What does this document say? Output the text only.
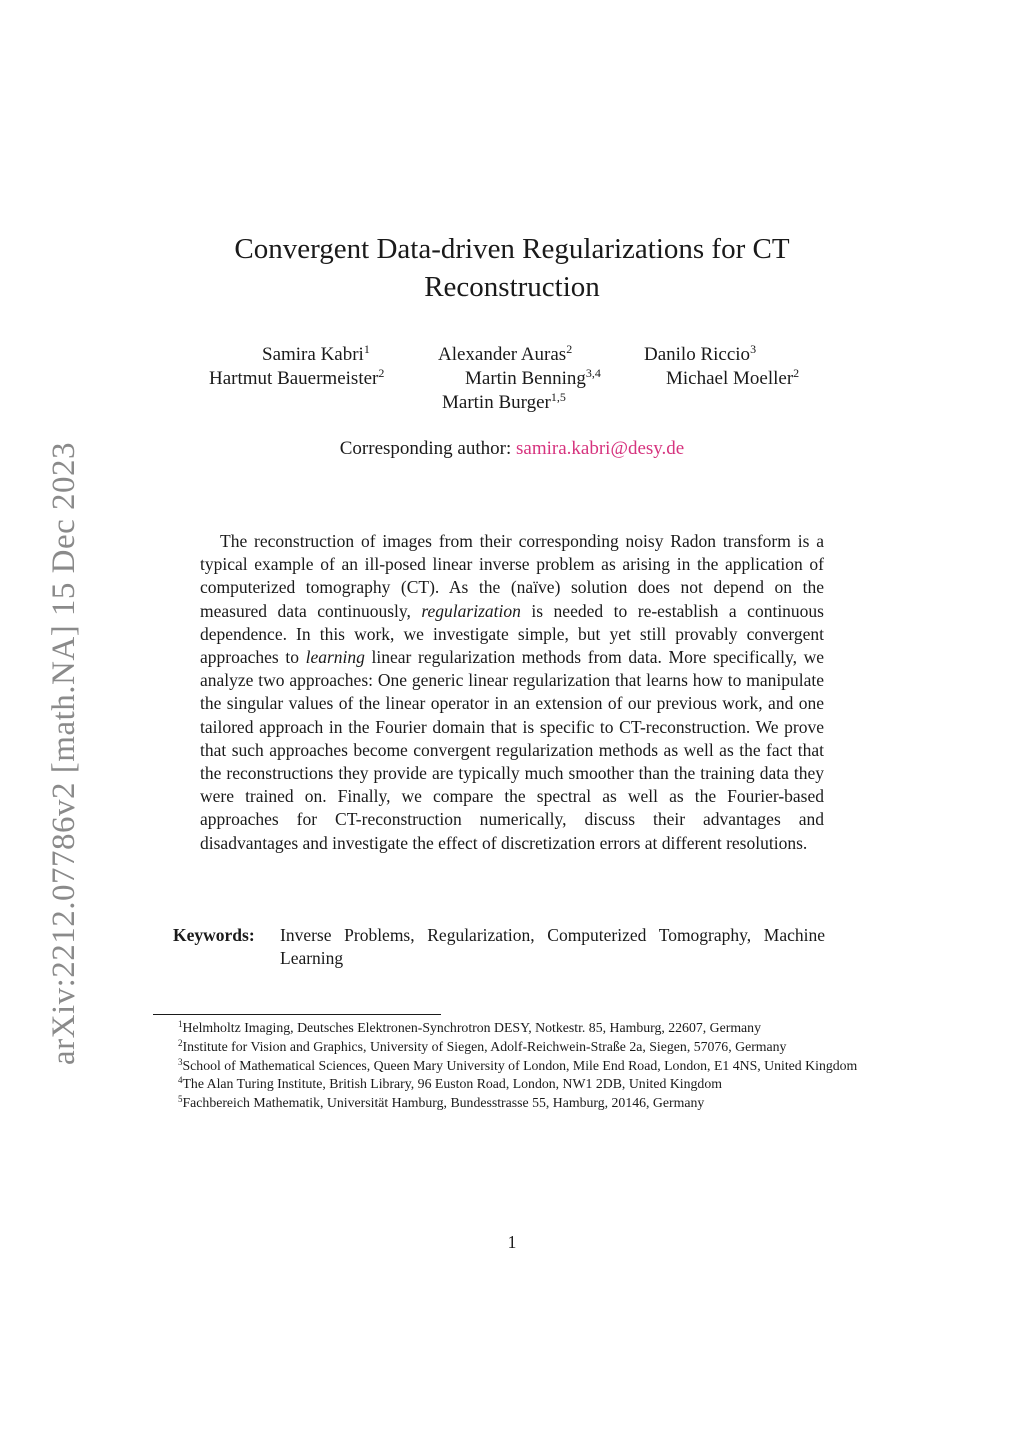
arXiv:2212.07786v2 [math.NA] 15 Dec 2023
Convergent Data-driven Regularizations for CT Reconstruction
Samira Kabri$^1$	Alexander Auras$^2$	Danilo Riccio$^3$
Hartmut Bauermeister$^2$	Martin Benning$^{3,4}$	Michael Moeller$^2$
Martin Burger$^{1,5}$
Corresponding author: samira.kabri@desy.de

The reconstruction of images from their corresponding noisy Radon transform is a typical example of an ill-posed linear inverse problem as arising in the application of computerized tomography (CT). As the (naïve) solution does not depend on the measured data continuously, regularization is needed to re-establish a continuous dependence. In this work, we investigate simple, but yet still provably convergent approaches to learning linear regularization methods from data. More specifically, we analyze two approaches: One generic linear regularization that learns how to manipulate the singular values of the linear operator in an extension of our previous work, and one tailored approach in the Fourier domain that is specific to CT-reconstruction. We prove that such approaches become convergent regularization methods as well as the fact that the reconstructions they provide are typically much smoother than the training data they were trained on. Finally, we compare the spectral as well as the Fourier-based approaches for CT-reconstruction numerically, discuss their advantages and disadvantages and investigate the effect of discretization errors at different resolutions.

Keywords: Inverse Problems, Regularization, Computerized Tomography, Machine Learning

$^1$Helmholtz Imaging, Deutsches Elektronen-Synchrotron DESY, Notkestr. 85, Hamburg, 22607, Germany

$^2$Institute for Vision and Graphics, University of Siegen, Adolf-Reichwein-Straße 2a, Siegen, 57076, Germany

$^3$School of Mathematical Sciences, Queen Mary University of London, Mile End Road, London, E1 4NS, United Kingdom

$^4$The Alan Turing Institute, British Library, 96 Euston Road, London, NW1 2DB, United Kingdom

$^5$Fachbereich Mathematik, Universität Hamburg, Bundesstrasse 55, Hamburg, 20146, Germany

1
